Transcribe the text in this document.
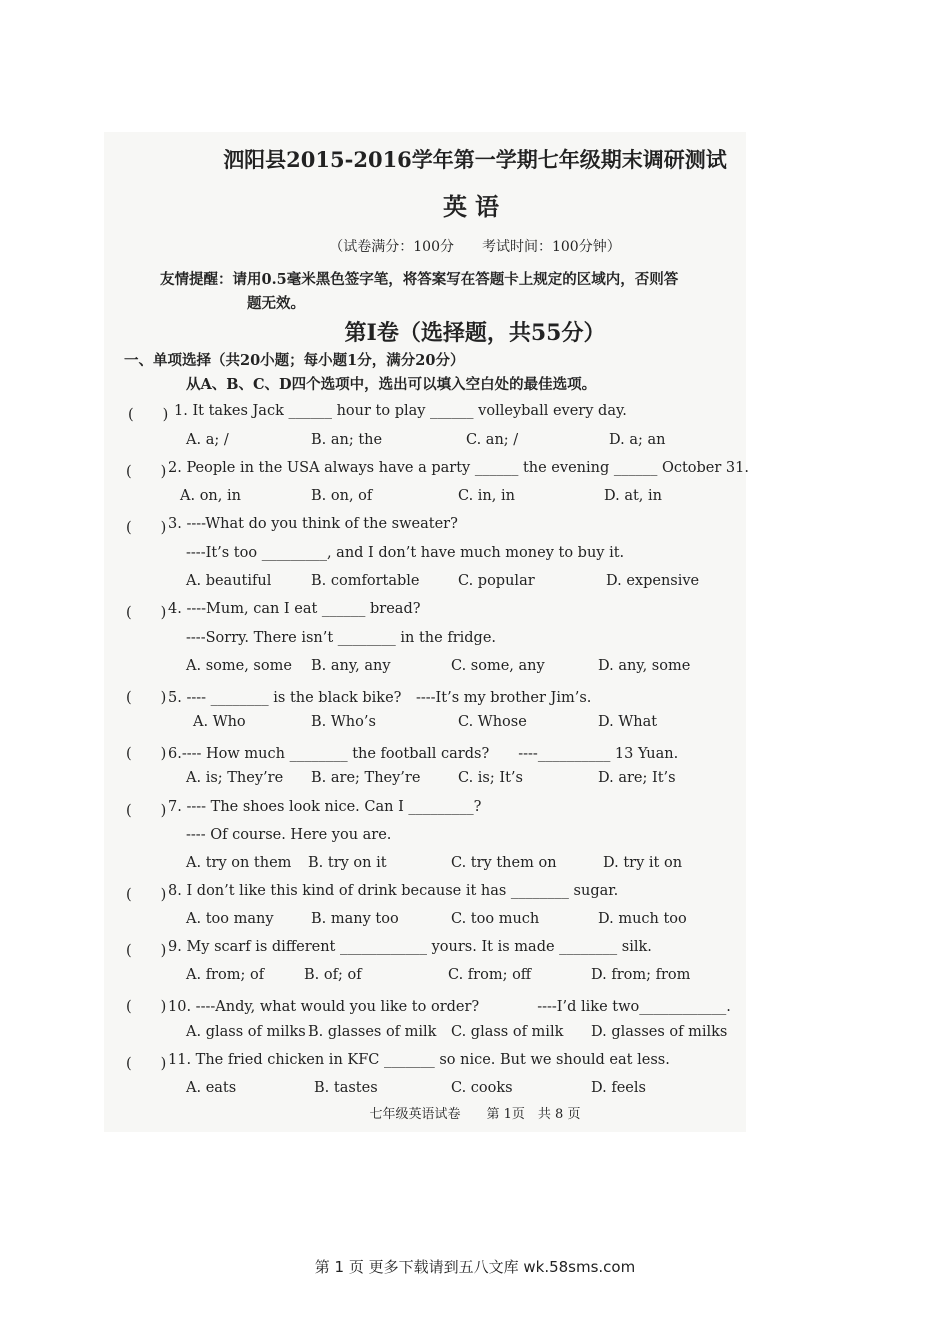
泗阳县2015-2016学年第一学期七年级期末调研测试
英语
（试卷满分：100分　　考试时间：100分钟）
友情提醒：请用0.5毫米黑色签字笔，将答案写在答题卡上规定的区域内，否则答
题无效。
第I卷（选择题，共55分）
一、单项选择（共20小题；每小题1分，满分20分）
从A、B、C、D四个选项中，选出可以填入空白处的最佳选项。
(　　) 1. It takes Jack ______ hour to play ______ volleyball every day.
A. a; /	B. an; the	C. an; /	D. a; an
(　　) 2. People in the USA always have a party ______ the evening ______ October 31.
A. on, in	B. on, of	C. in, in	D. at, in
(　　) 3. ----What do you think of the sweater?
----It’s too _________, and I don’t have much money to buy it.
A. beautiful	B. comfortable	C. popular	D. expensive
(　　) 4. ----Mum, can I eat ______ bread?
----Sorry. There isn’t ________ in the fridge.
A. some, some B. any, any	C. some, any	D. any, some
(　　) 5. ---- ________ is the black bike?　----It’s my brother Jim’s.
A. Who	B. Who’s	C. Whose	D. What
(　　) 6.---- How much ________ the football cards?　　----__________ 13 Yuan.
A. is; They’re B. are; They’re	C. is; It’s	D. are; It’s
(　　) 7. ---- The shoes look nice. Can I _________?
---- Of course. Here you are.
A. try on them B. try on it	C. try them on	D. try it on
(　　) 8. I don’t like this kind of drink because it has ________ sugar.
A. too many	B. many too	C. too much	D. much too
(　　) 9. My scarf is different ____________ yours. It is made ________ silk.
A. from; of	B. of; of	C. from; off	D. from; from
(　　) 10. ----Andy, what would you like to order?　　　　----I’d like two____________.
A. glass of milks B. glasses of milk C. glass of milk D. glasses of milks
(　　) 11. The fried chicken in KFC _______ so nice. But we should eat less.
A. eats	B. tastes	C. cooks	D. feels
七年级英语试卷　　第 1页　共 8 页
第 1 页 更多下载请到五八文库 wk.58sms.com
